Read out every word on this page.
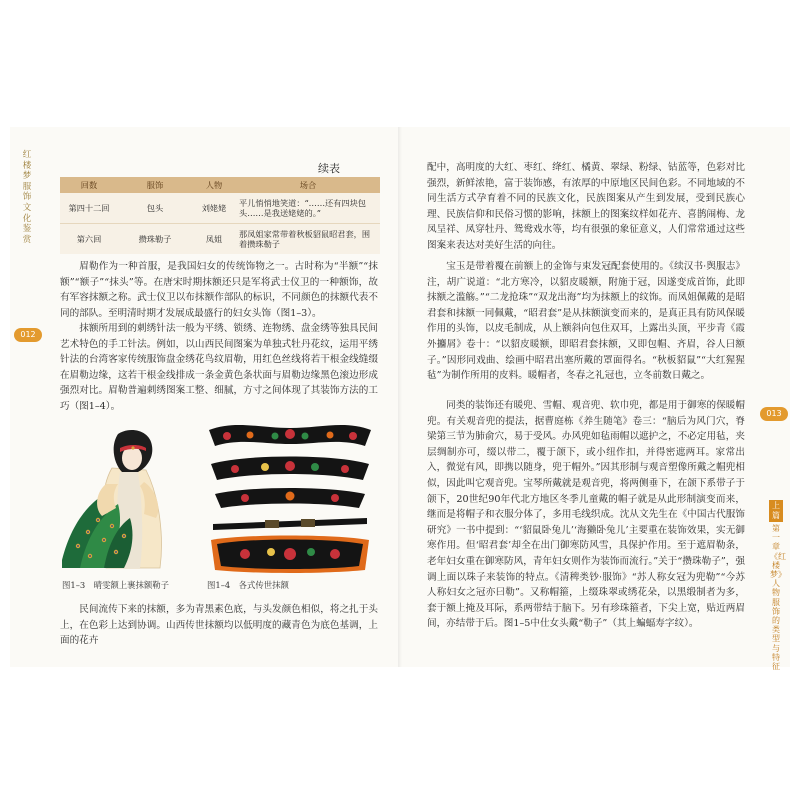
红楼梦服饰文化鉴赏
012
013
上篇
第一章 《红楼梦》人物服饰的类型与特征
续表
回数	服饰	人物	场合
第四十二回	包头	刘姥姥	平儿悄悄地笑道：“……还有四块包头……是我送姥姥的。”
第六回	攒珠勒子	凤姐	那凤姐家常带着秋板貂鼠昭君套，围着攒珠勒子

眉勒作为一种首服，是我国妇女的传统饰物之一。古时称为“半额”“抹额”“额子”“抹头”等。在唐宋时期抹额还只是军将武士仪卫的一种额饰，故有军容抹额之称。武士仪卫以布抹额作部队的标识，不同颜色的抹额代表不同的部队。至明清时期才发展成最盛行的妇女头饰（图1–3）。

抹额所用到的刺绣针法一般为平绣、锁绣、连物绣、盘金绣等独具民间艺术特色的手工针法。例如，以山西民间图案为单独式牡丹花纹，运用平绣针法的台湾客家传统服饰盘金绣花鸟纹眉勒，用红色丝线将若干根金线缝缀在眉勒边缘，这若干根金线排成一条金黄色条状面与眉勒边缘黑色滚边形成强烈对比。眉勒普遍刺绣图案工整、细腻，方寸之间体现了其装饰方法的工巧（图1–4）。

民间流传下来的抹额，多为青黑素色底，与头发颜色相似，将之扎于头上，在色彩上达到协调。山西传世抹额均以低明度的藏青色为底色基调，上面的花卉

图1–3　晴雯额上裹抹额勒子	图1–4　各式传世抹额

配中，高明度的大红、枣红、绛红、橘黄、翠绿、粉绿、钴蓝等，色彩对比强烈，新鲜浓艳，富于装饰感，有浓厚的中原地区民间色彩。不同地域的不同生活方式孕育着不同的民族文化，民族图案从产生到发展，受到民族心理、民族信仰和民俗习惯的影响，抹额上的图案纹样如花卉、喜鹊闹梅、龙凤呈祥、凤穿牡丹、鸳鸯戏水等，均有很强的象征意义，人们常常通过这些图案来表达对美好生活的向往。

宝玉是带着覆在前额上的金饰与束发冠配套使用的。《续汉书·舆服志》注，胡广说道：“北方寒冷，以貂皮暖额，附施于冠，因遂变成首饰，此即抹额之滥觞。”“二龙抢珠”“双龙出海”均为抹额上的纹饰。而凤姐佩戴的是昭君套和抹额一同佩戴，“昭君套”是从抹额演变而来的，是真正具有防风保暖作用的头饰，以皮毛制成，从上额斜向包住双耳，上露出头顶，平步青《霞外攟屑》卷十：“以貂皮暖额，即昭君套抹额，又即包帽、齐眉，谷人曰额子。”因形同戏曲、绘画中昭君出塞所戴的罩面得名。“秋板貂鼠”“大红猩猩毡”为制作所用的皮料。暖帽者，冬春之礼冠也，立冬前数日戴之。

同类的装饰还有暖兜、雪帽、观音兜、软巾兜，都是用于御寒的保暖帽兜。有关观音兜的提法，据曹庭栋《养生随笔》卷三：“脑后为风门穴，脊梁第三节为肺俞穴，易于受风。办风兜如毡雨帽以遮护之，不必定用毡，夹层绸制亦可，缀以带二，覆于颌下，或小纽作扣，并得密遮两耳。家常出入，微觉有风，即携以随身，兜于帽外。”因其形制与观音塑像所戴之帽兜相似，因此叫它观音兜。宝琴所戴就是观音兜，将两侧垂下，在颌下系带子于颌下，20世纪90年代北方地区冬季儿童戴的帽子就是从此形制演变而来，继而是将帽子和衣服分体了，多用毛线织成。沈从文先生在《中国古代服饰研究》一书中提到：“‘貂鼠卧兔儿’‘海獭卧兔儿’主要重在装饰效果，实无御寒作用。但‘昭君套’却全在出门御寒防风雪，具保护作用。至于遮眉勒条，老年妇女重在御寒防风，青年妇女则作为装饰而流行。”关于“攒珠勒子”，强调上面以珠子来装饰的特点。《清稗类钞·服饰》“苏人称女冠为兜勒”“今苏人称妇女之冠亦曰勒”。又称帽箍，上缀珠翠或绣花朵，以黑缎制者为多，套于额上掩及耳际，系两带结于脑下。另有珍珠箍者，下尖上宽，贴近两眉间，亦结带于后。图1–5中仕女头戴“勒子”（其上蝙蝠寿字纹）。
